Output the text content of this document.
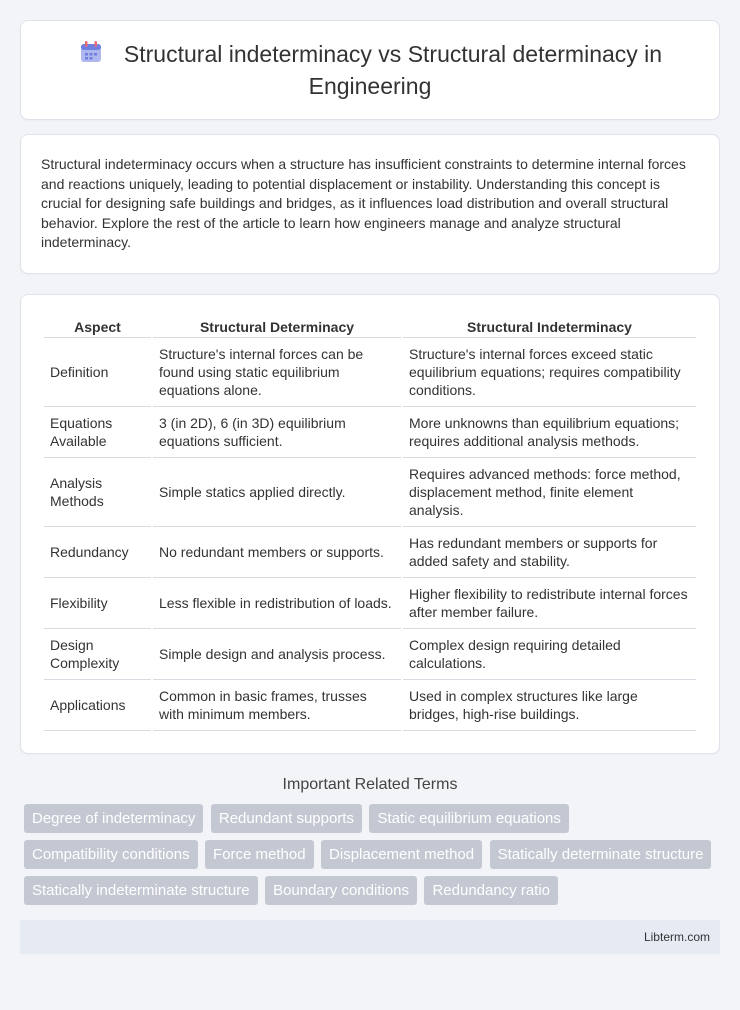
Structural indeterminacy vs Structural determinacy in Engineering
Structural indeterminacy occurs when a structure has insufficient constraints to determine internal forces and reactions uniquely, leading to potential displacement or instability. Understanding this concept is crucial for designing safe buildings and bridges, as it influences load distribution and overall structural behavior. Explore the rest of the article to learn how engineers manage and analyze structural indeterminacy.
Aspect	Structural Determinacy	Structural Indeterminacy
Definition	Structure's internal forces can be found using static equilibrium equations alone.	Structure's internal forces exceed static equilibrium equations; requires compatibility conditions.
Equations Available	3 (in 2D), 6 (in 3D) equilibrium equations sufficient.	More unknowns than equilibrium equations; requires additional analysis methods.
Analysis Methods	Simple statics applied directly.	Requires advanced methods: force method, displacement method, finite element analysis.
Redundancy	No redundant members or supports.	Has redundant members or supports for added safety and stability.
Flexibility	Less flexible in redistribution of loads.	Higher flexibility to redistribute internal forces after member failure.
Design Complexity	Simple design and analysis process.	Complex design requiring detailed calculations.
Applications	Common in basic frames, trusses with minimum members.	Used in complex structures like large bridges, high-rise buildings.
Important Related Terms
Degree of indeterminacy Redundant supports Static equilibrium equations Compatibility conditions Force method Displacement method Statically determinate structure Statically indeterminate structure Boundary conditions Redundancy ratio
Libterm.com
